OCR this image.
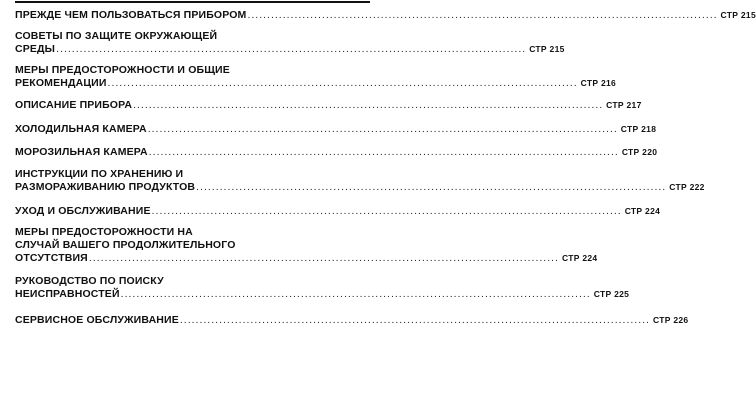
ПРЕЖДЕ ЧЕМ ПОЛЬЗОВАТЬСЯ ПРИБОРОМ ........................................................................................................................ СТР 215
СОВЕТЫ ПО ЗАЩИТЕ ОКРУЖАЮЩЕЙ
СРЕДЫ ........................................................................................................................ СТР 215
МЕРЫ ПРЕДОСТОРОЖНОСТИ И ОБЩИЕ
РЕКОМЕНДАЦИИ ........................................................................................................................ СТР 216
ОПИСАНИЕ ПРИБОРА ........................................................................................................................ СТР 217
ХОЛОДИЛЬНАЯ КАМЕРА ........................................................................................................................ СТР 218
МОРОЗИЛЬНАЯ КАМЕРА ........................................................................................................................ СТР 220
ИНСТРУКЦИИ ПО ХРАНЕНИЮ И
РАЗМОРАЖИВАНИЮ ПРОДУКТОВ ........................................................................................................................ СТР 222
УХОД И ОБСЛУЖИВАНИЕ ........................................................................................................................ СТР 224
МЕРЫ ПРЕДОСТОРОЖНОСТИ НА
СЛУЧАЙ ВАШЕГО ПРОДОЛЖИТЕЛЬНОГО
ОТСУТСТВИЯ ........................................................................................................................ СТР 224
РУКОВОДСТВО ПО ПОИСКУ
НЕИСПРАВНОСТЕЙ ........................................................................................................................ СТР 225
СЕРВИСНОЕ ОБСЛУЖИВАНИЕ ........................................................................................................................ СТР 226
